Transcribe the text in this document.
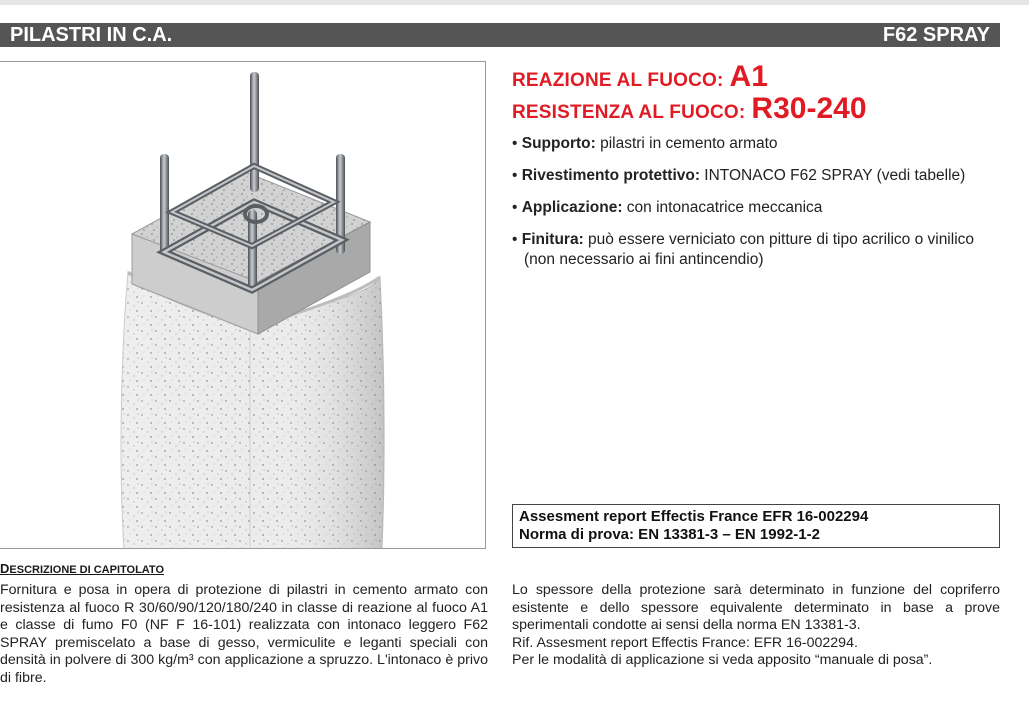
PILASTRI IN C.A.	F62 SPRAY
REAZIONE AL FUOCO: A1
RESISTENZA AL FUOCO: R30-240
• Supporto: pilastri in cemento armato
• Rivestimento protettivo: INTONACO F62 SPRAY (vedi tabelle)
• Applicazione: con intonacatrice meccanica
• Finitura: può essere verniciato con pitture di tipo acrilico o vinilico (non necessario ai fini antincendio)
Assesment report Effectis France EFR 16-002294
Norma di prova: EN 13381-3 – EN 1992-1-2
DESCRIZIONE DI CAPITOLATO

Fornitura e posa in opera di protezione di pilastri in cemento armato con resistenza al fuoco R 30/60/90/120/180/240 in classe di reazione al fuoco A1 e classe di fumo F0 (NF F 16-101) realizzata con intonaco leggero F62 SPRAY premiscelato a base di gesso, vermiculite e leganti speciali con densità in polvere di 300 kg/m³ con applicazione a spruzzo. L'intonaco è privo di fibre.

Lo spessore della protezione sarà determinato in funzione del copriferro esistente e dello spessore equivalente determinato in base a prove sperimentali condotte ai sensi della norma EN 13381-3.
Rif. Assesment report Effectis France: EFR 16-002294.
Per le modalità di applicazione si veda apposito “manuale di posa”.
